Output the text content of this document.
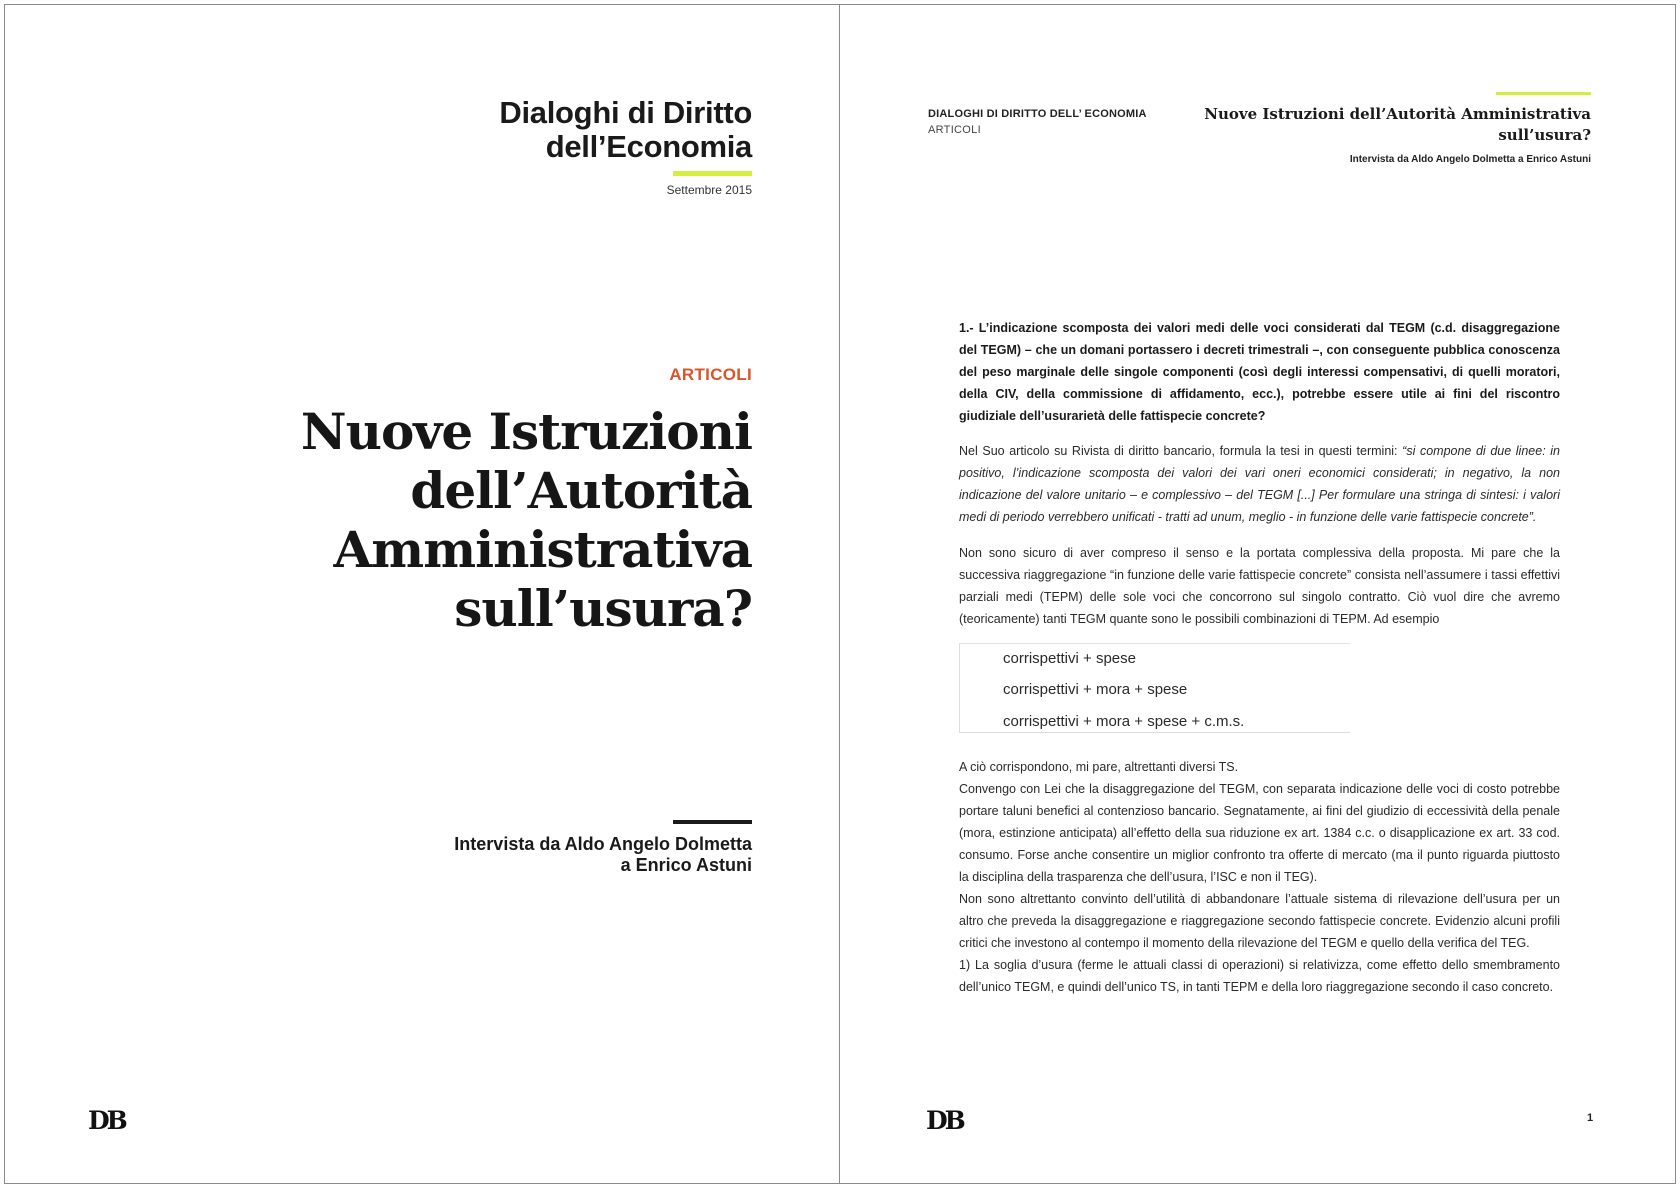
Dialoghi di Diritto
dell’Economia
Settembre 2015
ARTICOLI
Nuove Istruzioni
dell’Autorità
Amministrativa
sull’usura?
Intervista da Aldo Angelo Dolmetta
a Enrico Astuni
DB
DIALOGHI DI DIRITTO DELL’ ECONOMIA
ARTICOLI
Nuove Istruzioni dell’Autorità Amministrativa
sull’usura?
Intervista da Aldo Angelo Dolmetta a Enrico Astuni
1.- L’indicazione scomposta dei valori medi delle voci considerati dal TEGM (c.d. disaggregazione del TEGM) – che un domani portassero i decreti trimestrali –, con conseguente pubblica conoscenza del peso marginale delle singole componenti (così degli interessi compensativi, di quelli moratori, della CIV, della commissione di affidamento, ecc.), potrebbe essere utile ai fini del riscontro giudiziale dell’usurarietà delle fattispecie concrete?
Nel Suo articolo su Rivista di diritto bancario, formula la tesi in questi termini: “si compone di due linee: in positivo, l’indicazione scomposta dei valori dei vari oneri economici considerati; in negativo, la non indicazione del valore unitario – e complessivo – del TEGM [...] Per formulare una stringa di sintesi: i valori medi di periodo verrebbero unificati - tratti ad unum, meglio - in funzione delle varie fattispecie concrete”.
Non sono sicuro di aver compreso il senso e la portata complessiva della proposta. Mi pare che la successiva riaggregazione “in funzione delle varie fattispecie concrete” consista nell’assumere i tassi effettivi parziali medi (TEPM) delle sole voci che concorrono sul singolo contratto. Ciò vuol dire che avremo (teoricamente) tanti TEGM quante sono le possibili combinazioni di TEPM. Ad esempio
corrispettivi + spese
corrispettivi + mora + spese
corrispettivi + mora + spese + c.m.s.

A ciò corrispondono, mi pare, altrettanti diversi TS.

Convengo con Lei che la disaggregazione del TEGM, con separata indicazione delle voci di costo potrebbe portare taluni benefici al contenzioso bancario. Segnatamente, ai fini del giudizio di eccessività della penale (mora, estinzione anticipata) all’effetto della sua riduzione ex art. 1384 c.c. o disapplicazione ex art. 33 cod. consumo. Forse anche consentire un miglior confronto tra offerte di mercato (ma il punto riguarda piuttosto la disciplina della trasparenza che dell’usura, l’ISC e non il TEG).

Non sono altrettanto convinto dell’utilità di abbandonare l’attuale sistema di rilevazione dell’usura per un altro che preveda la disaggregazione e riaggregazione secondo fattispecie concrete. Evidenzio alcuni profili critici che investono al contempo il momento della rilevazione del TEGM e quello della verifica del TEG.

1) La soglia d’usura (ferme le attuali classi di operazioni) si relativizza, come effetto dello smembramento dell’unico TEGM, e quindi dell’unico TS, in tanti TEPM e della loro riaggregazione secondo il caso concreto.

DB	1
